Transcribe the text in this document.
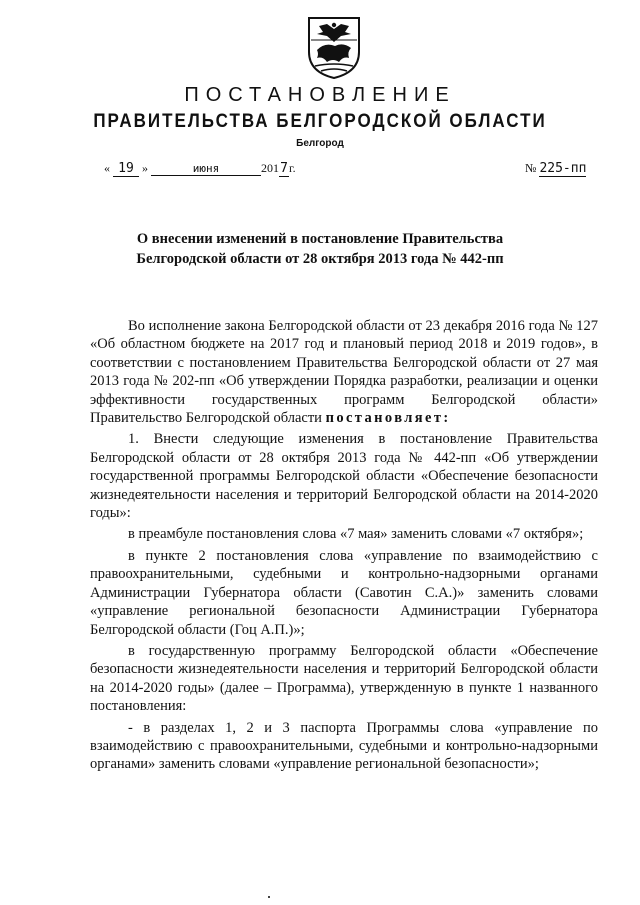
ПОСТАНОВЛЕНИЕ
ПРАВИТЕЛЬСТВА БЕЛГОРОДСКОЙ ОБЛАСТИ
Белгород
« 19 »	июня	2017г.	№ 225-пп
О внесении изменений в постановление Правительства Белгородской области от 28 октября 2013 года № 442-пп

Во исполнение закона Белгородской области от 23 декабря 2016 года № 127 «Об областном бюджете на 2017 год и плановый период 2018 и 2019 годов», в соответствии с постановлением Правительства Белгородской области от 27 мая 2013 года № 202-пп «Об утверждении Порядка разработки, реализации и оценки эффективности государственных программ Белгородской области» Правительство Белгородской области постановляет:

1. Внести следующие изменения в постановление Правительства Белгородской области от 28 октября 2013 года № 442-пп «Об утверждении государственной программы Белгородской области «Обеспечение безопасности жизнедеятельности населения и территорий Белгородской области на 2014-2020 годы»:

в преамбуле постановления слова «7 мая» заменить словами «7 октября»;

в пункте 2 постановления слова «управление по взаимодействию с правоохранительными, судебными и контрольно-надзорными органами Администрации Губернатора области (Савотин С.А.)» заменить словами «управление региональной безопасности Администрации Губернатора Белгородской области (Гоц А.П.)»;

в государственную программу Белгородской области «Обеспечение безопасности жизнедеятельности населения и территорий Белгородской области на 2014-2020 годы» (далее – Программа), утвержденную в пункте 1 названного постановления:

- в разделах 1, 2 и 3 паспорта Программы слова «управление по взаимодействию с правоохранительными, судебными и контрольно-надзорными органами» заменить словами «управление региональной безопасности»;
